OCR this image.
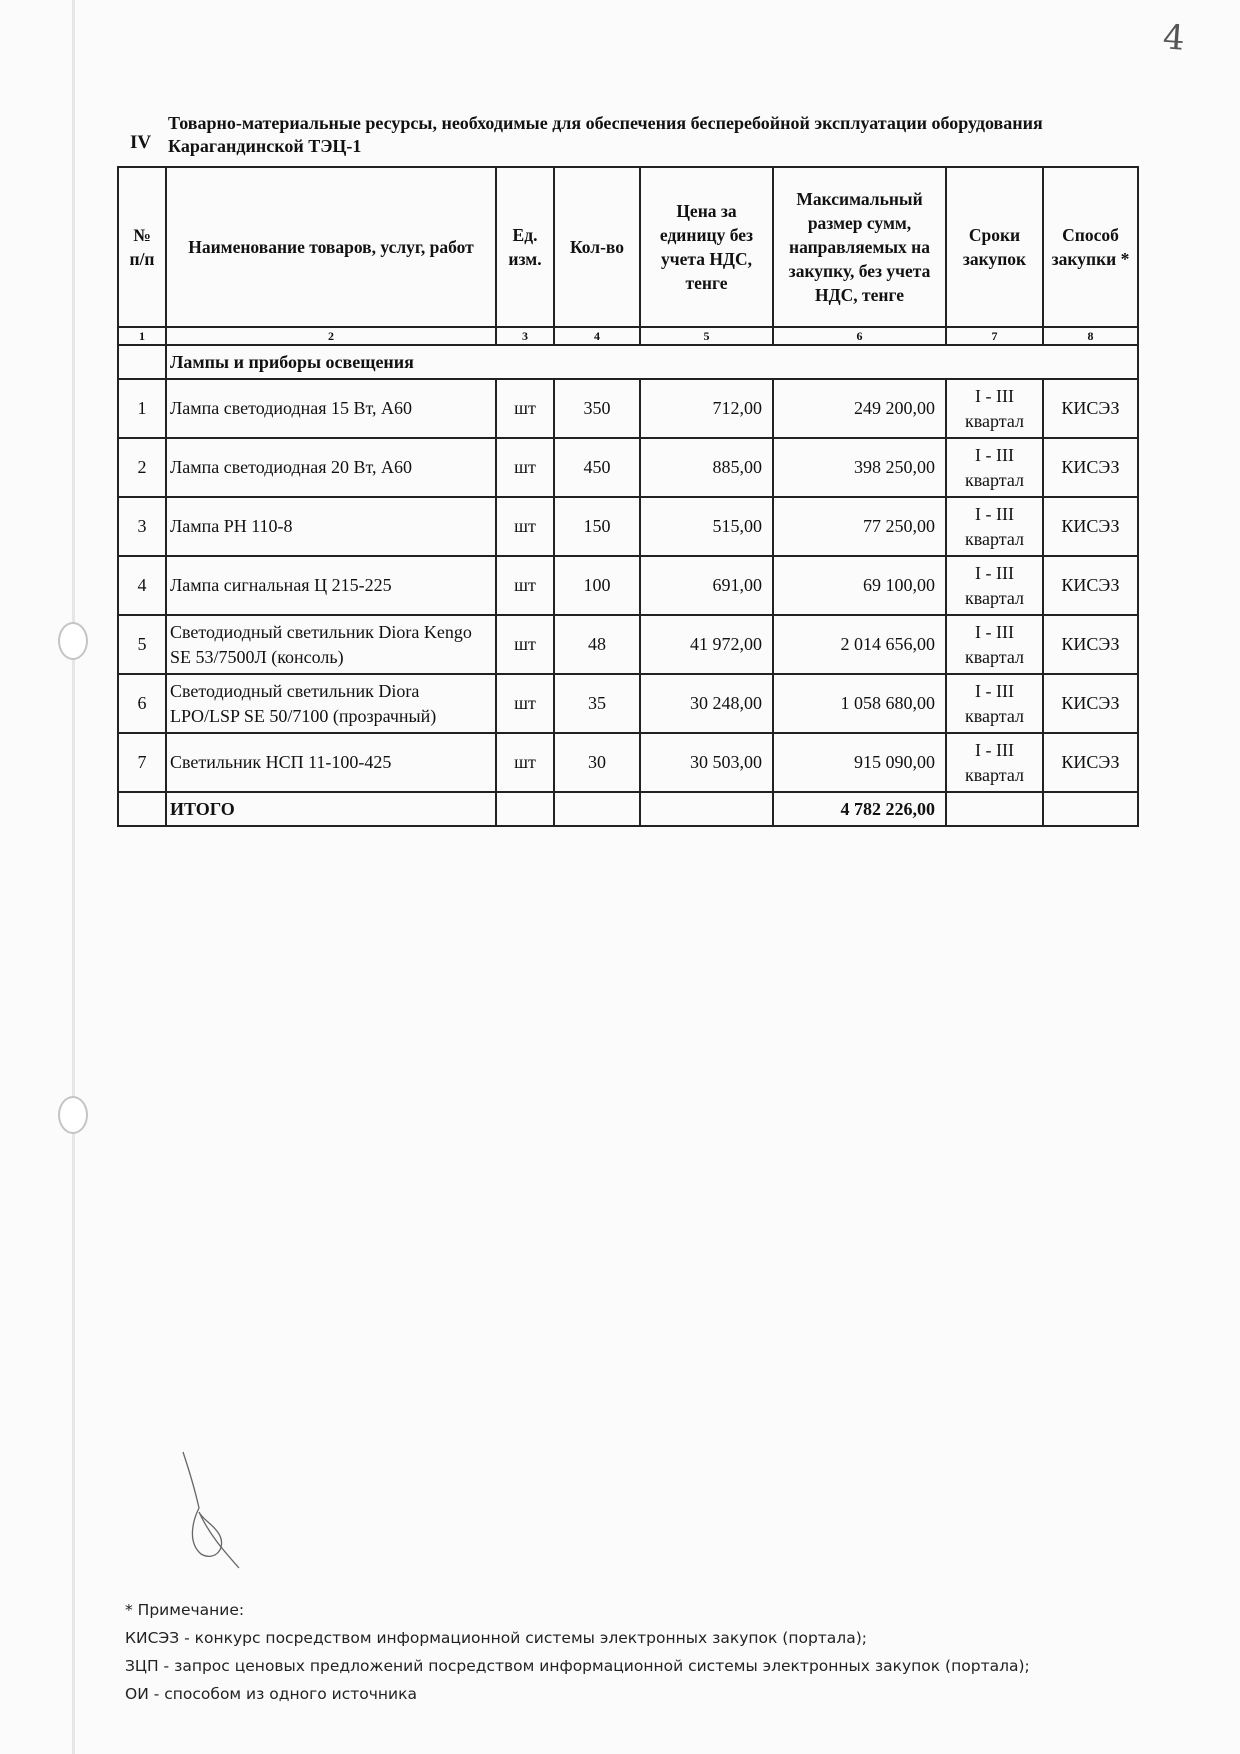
4
IV
Товарно-материальные ресурсы, необходимые для обеспечения бесперебойной эксплуатации оборудования Карагандинской ТЭЦ-1
№ п/п	Наименование товаров, услуг, работ	Ед. изм.	Кол-во	Цена за единицу без учета НДС, тенге	Максимальный размер сумм, направляемых на закупку, без учета НДС, тенге	Сроки закупок	Способ закупки *
1	2	3	4	5	6	7	8
	Лампы и приборы освещения						
1	Лампа светодиодная 15 Вт, А60	шт	350	712,00	249 200,00	I - III квартал	КИСЭЗ
2	Лампа светодиодная 20 Вт, А60	шт	450	885,00	398 250,00	I - III квартал	КИСЭЗ
3	Лампа РН 110-8	шт	150	515,00	77 250,00	I - III квартал	КИСЭЗ
4	Лампа сигнальная Ц 215-225	шт	100	691,00	69 100,00	I - III квартал	КИСЭЗ
5	Светодиодный светильник Diora Kengo SE 53/7500Л (консоль)	шт	48	41 972,00	2 014 656,00	I - III квартал	КИСЭЗ
6	Светодиодный светильник Diora LPO/LSP SE 50/7100 (прозрачный)	шт	35	30 248,00	1 058 680,00	I - III квартал	КИСЭЗ
7	Светильник НСП 11-100-425	шт	30	30 503,00	915 090,00	I - III квартал	КИСЭЗ
	ИТОГО				4 782 226,00		
* Примечание:
КИСЭЗ - конкурс посредством информационной системы электронных закупок (портала);
ЗЦП - запрос ценовых предложений посредством информационной системы электронных закупок (портала);
ОИ - способом из одного источника
